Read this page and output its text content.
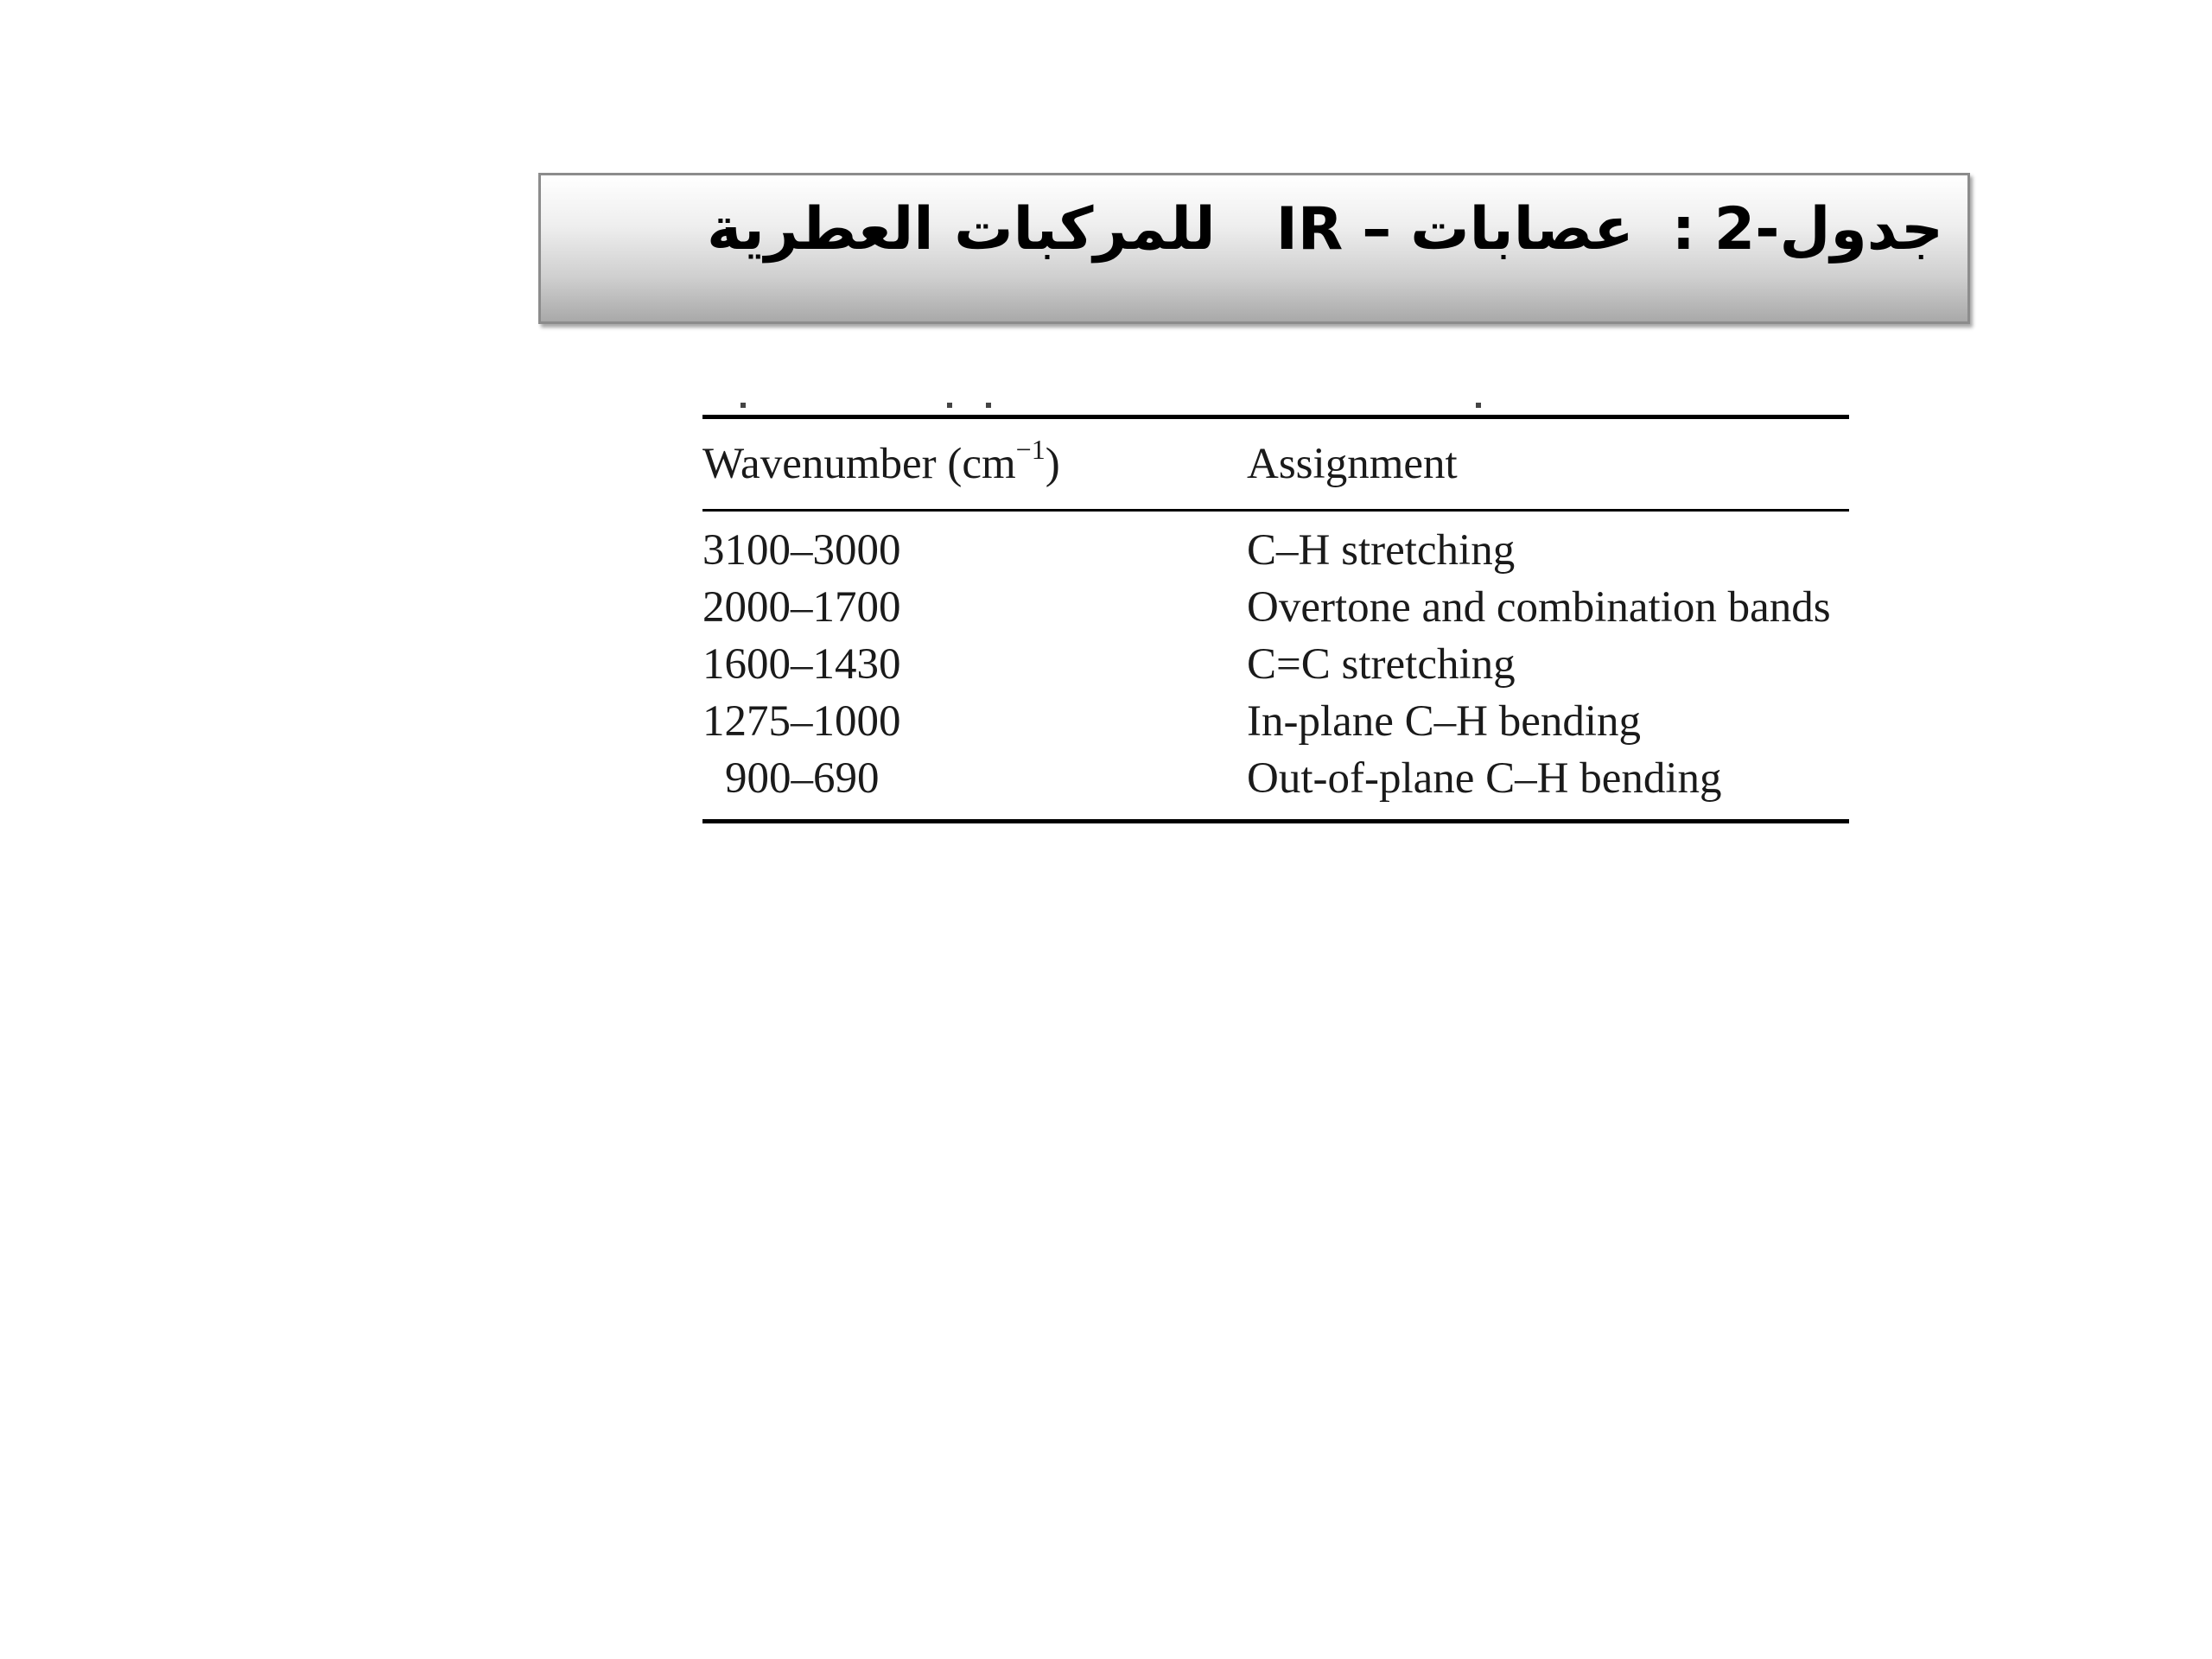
جدول-2:عصابات–IRللمركبات العطرية
Wavenumber $(cm^{-1})$	Assignment
3100–3000	C–H stretching
2000–1700	Overtone and combination bands
1600–1430	C=C stretching
1275–1000	In-plane C–H bending
900–690	Out-of-plane C–H bending
